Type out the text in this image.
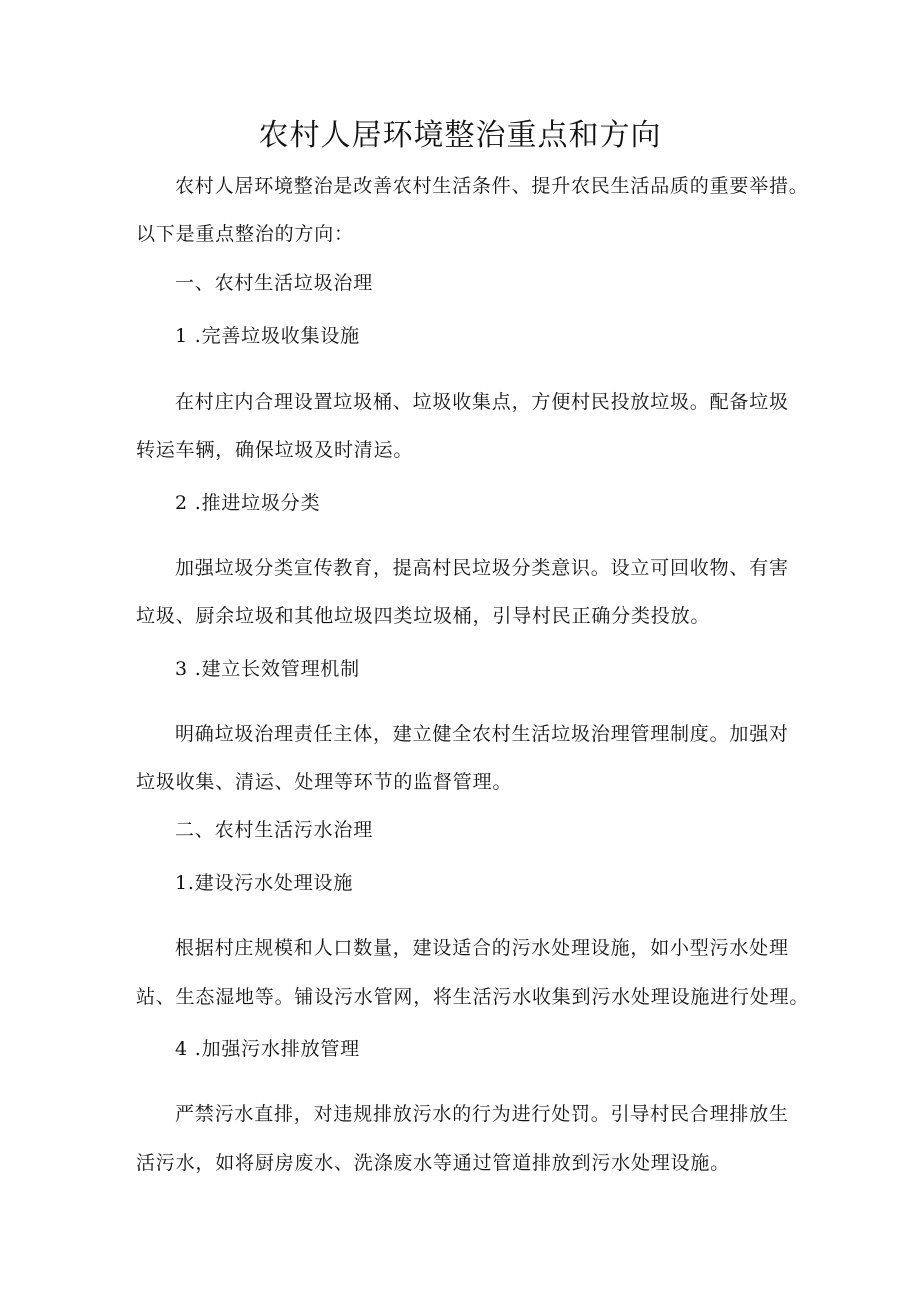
农村人居环境整治重点和方向
农村人居环境整治是改善农村生活条件、提升农民生活品质的重要举措。
以下是重点整治的方向：
一、农村生活垃圾治理
1 .完善垃圾收集设施
在村庄内合理设置垃圾桶、垃圾收集点，方便村民投放垃圾。配备垃圾
转运车辆，确保垃圾及时清运。
2 .推进垃圾分类
加强垃圾分类宣传教育，提高村民垃圾分类意识。设立可回收物、有害
垃圾、厨余垃圾和其他垃圾四类垃圾桶，引导村民正确分类投放。
3 .建立长效管理机制
明确垃圾治理责任主体，建立健全农村生活垃圾治理管理制度。加强对
垃圾收集、清运、处理等环节的监督管理。
二、农村生活污水治理
1.建设污水处理设施
根据村庄规模和人口数量，建设适合的污水处理设施，如小型污水处理
站、生态湿地等。铺设污水管网，将生活污水收集到污水处理设施进行处理。
4 .加强污水排放管理
严禁污水直排，对违规排放污水的行为进行处罚。引导村民合理排放生
活污水，如将厨房废水、洗涤废水等通过管道排放到污水处理设施。
